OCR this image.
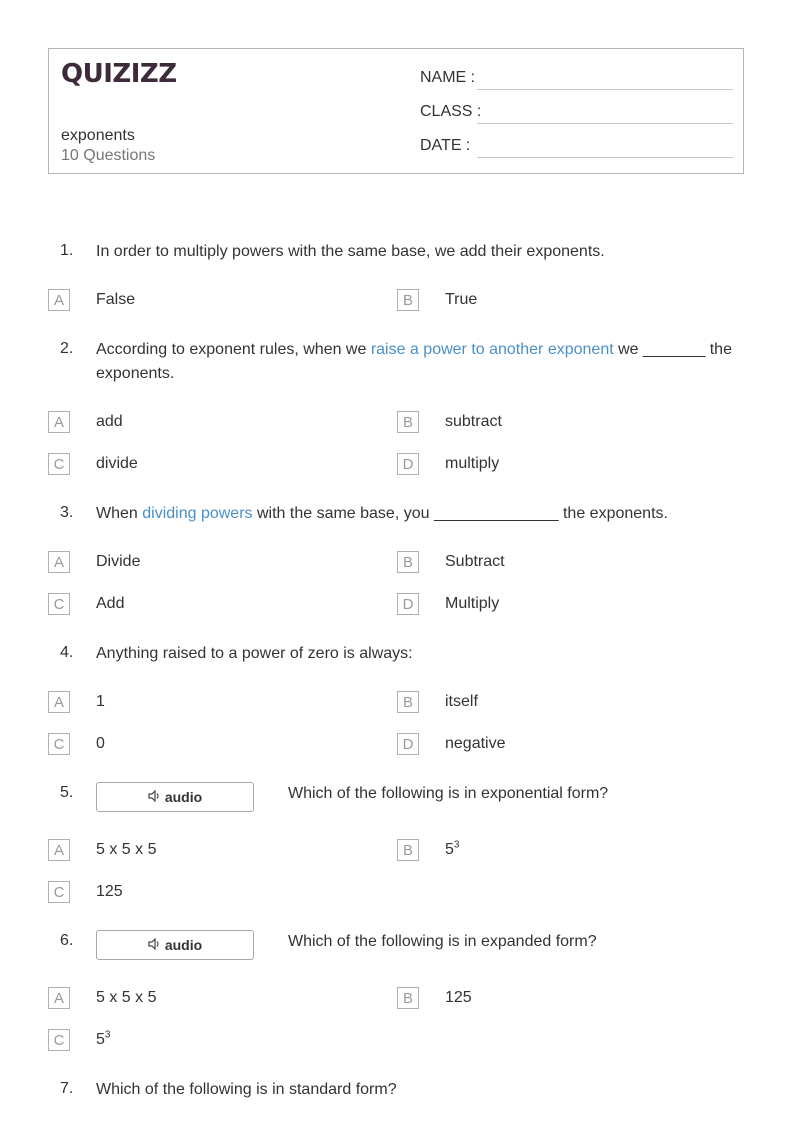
QUIZIZZ
exponents
10 Questions
NAME :
CLASS :
DATE :
1. In order to multiply powers with the same base, we add their exponents.
A	False	B	True
2. According to exponent rules, when we raise a power to another exponent we _______ the exponents.
A	add	B	subtract
C	divide	D	multiply
3. When dividing powers with the same base, you ______________ the exponents.
A	Divide	B	Subtract
C	Add	D	Multiply
4. Anything raised to a power of zero is always:
A	1	B	itself
C	0	D	negative
5.	audio	Which of the following is in exponential form?
A	5 x 5 x 5	B	$5^3$
C	125
6.	audio	Which of the following is in expanded form?
A	5 x 5 x 5	B	125
C	$5^3$
7. Which of the following is in standard form?
